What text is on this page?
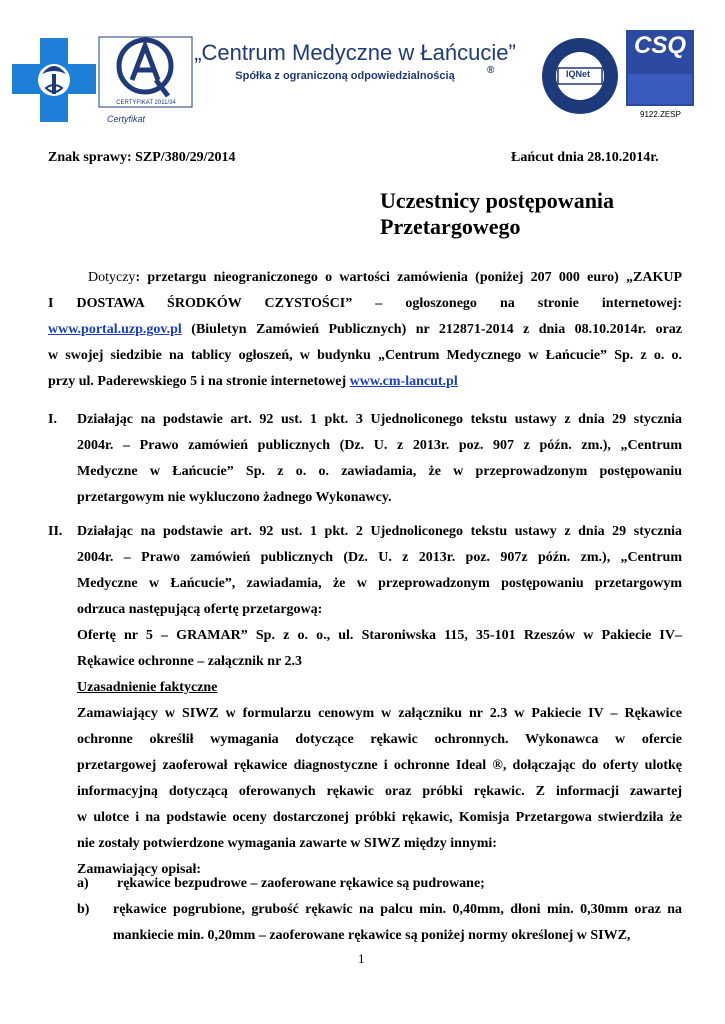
CERTYFIKAT 2011/34
Certyfikat
„Centrum Medyczne w Łańcucie”
Spółka z ograniczoną odpowiedzialnością	®	IQNet
CSQ
9122.ZESP
Znak sprawy: SZP/380/29/2014	Łańcut dnia 28.10.2014r.
Uczestnicy postępowania
Przetargowego
Dotyczy: przetargu nieograniczonego o wartości zamówienia (poniżej 207 000 euro) „ZAKUP
I DOSTAWA ŚRODKÓW CZYSTOŚCI” – ogłoszonego na stronie internetowej:
www.portal.uzp.gov.pl (Biuletyn Zamówień Publicznych) nr 212871-2014 z dnia 08.10.2014r. oraz
w swojej siedzibie na tablicy ogłoszeń, w budynku „Centrum Medycznego w Łańcucie” Sp. z o. o.
przy ul. Paderewskiego 5 i na stronie internetowej www.cm-lancut.pl
I. Działając na podstawie art. 92 ust. 1 pkt. 3 Ujednoliconego tekstu ustawy z dnia 29 stycznia
2004r. – Prawo zamówień publicznych (Dz. U. z 2013r. poz. 907 z późn. zm.), „Centrum
Medyczne w Łańcucie” Sp. z o. o. zawiadamia, że w przeprowadzonym postępowaniu
przetargowym nie wykluczono żadnego Wykonawcy.
II. Działając na podstawie art. 92 ust. 1 pkt. 2 Ujednoliconego tekstu ustawy z dnia 29 stycznia
2004r. – Prawo zamówień publicznych (Dz. U. z 2013r. poz. 907z późn. zm.), „Centrum
Medyczne w Łańcucie”, zawiadamia, że w przeprowadzonym postępowaniu przetargowym
odrzuca następującą ofertę przetargową:
Ofertę nr 5 – GRAMAR” Sp. z o. o., ul. Staroniwska 115, 35-101 Rzeszów w Pakiecie IV–
Rękawice ochronne – załącznik nr 2.3
Uzasadnienie faktyczne
Zamawiający w SIWZ w formularzu cenowym w załączniku nr 2.3 w Pakiecie IV – Rękawice
ochronne określił wymagania dotyczące rękawic ochronnych. Wykonawca w ofercie
przetargowej zaoferował rękawice diagnostyczne i ochronne Ideal ®, dołączając do oferty ulotkę
informacyjną dotyczącą oferowanych rękawic oraz próbki rękawic. Z informacji zawartej
w ulotce i na podstawie oceny dostarczonej próbki rękawic, Komisja Przetargowa stwierdziła że
nie zostały potwierdzone wymagania zawarte w SIWZ między innymi:
Zamawiający opisał:
a) rękawice bezpudrowe – zaoferowane rękawice są pudrowane;
b) rękawice pogrubione, grubość rękawic na palcu min. 0,40mm, dłoni min. 0,30mm oraz na
mankiecie min. 0,20mm – zaoferowane rękawice są poniżej normy określonej w SIWZ,
1
